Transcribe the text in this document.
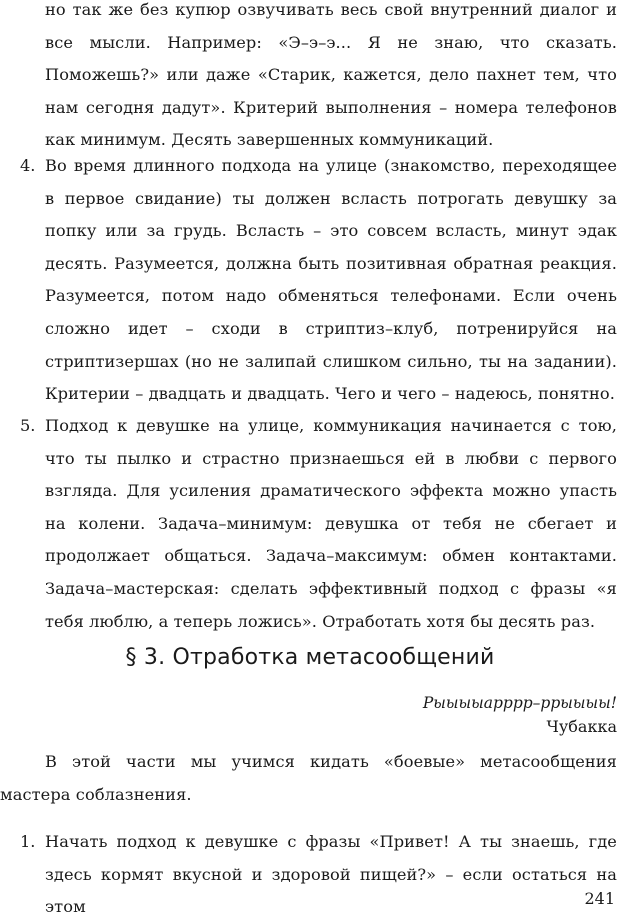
но так же без купюр озвучивать весь свой внутренний диалог и все мысли. Например: «Э–э–э... Я не знаю, что сказать. Поможешь?» или даже «Старик, кажется, дело пахнет тем, что нам сегодня дадут». Критерий выполнения – номера телефонов как минимум. Десять завершенных коммуникаций.

4. Во время длинного подхода на улице (знакомство, переходящее в первое свидание) ты должен всласть потрогать девушку за попку или за грудь. Всласть – это совсем всласть, минут эдак десять. Разумеется, должна быть позитивная обратная реакция. Разумеется, потом надо обменяться телефонами. Если очень сложно идет – сходи в стриптиз–клуб, потренируйся на стриптизершах (но не залипай слишком сильно, ты на задании). Критерии – двадцать и двадцать. Чего и чего – надеюсь, понятно.

5. Подход к девушке на улице, коммуникация начинается с тою, что ты пылко и страстно признаешься ей в любви с первого взгляда. Для усиления драматического эффекта можно упасть на колени. Задача–минимум: девушка от тебя не сбегает и продолжает общаться. Задача–максимум: обмен контактами. Задача–мастерская: сделать эффективный подход с фразы «я тебя люблю, а теперь ложись». Отработать хотя бы десять раз.

§ 3. Отработка метасообщений
Рыыыыарррр–ррыыыы!
Чубакка

В этой части мы учимся кидать «боевые» метасообщения мастера соблазнения.

1. Начать подход к девушке с фразы «Привет! А ты знаешь, где здесь кормят вкусной и здоровой пищей?» – если остаться на этом	241
